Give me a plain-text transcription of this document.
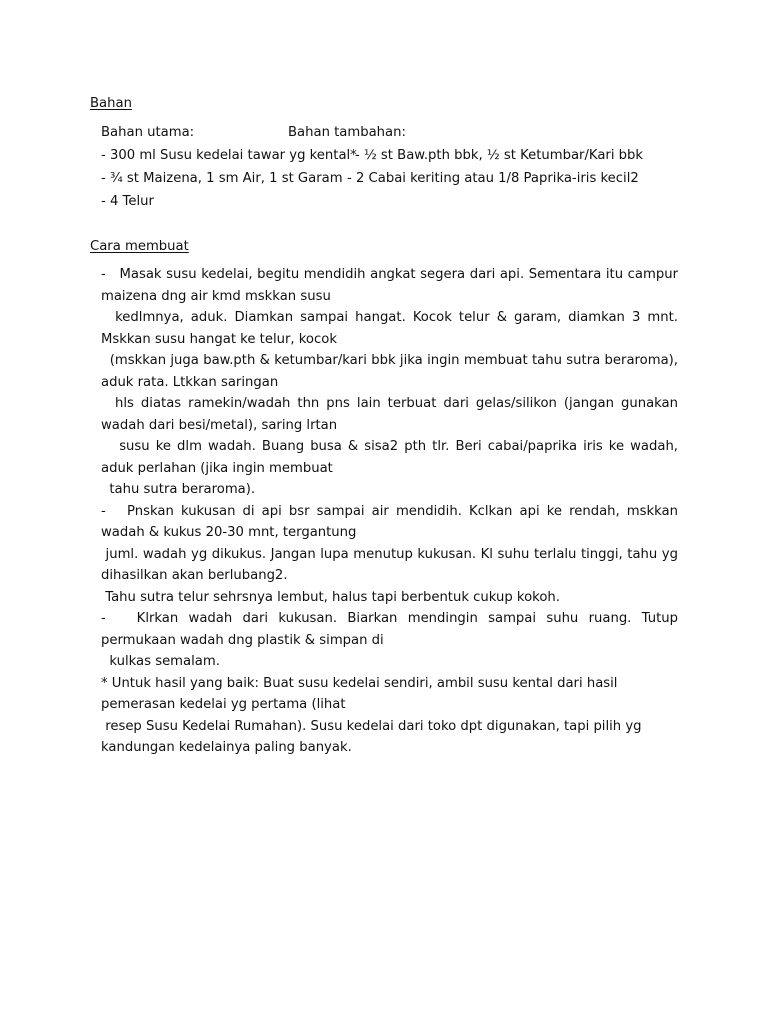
Bahan
Bahan utama:	Bahan tambahan:
- 300 ml Susu kedelai tawar yg kental*
- ½ st Baw.pth bbk, ½ st Ketumbar/Kari bbk
- ¾ st Maizena, 1 sm Air, 1 st Garam - 2 Cabai keriting atau 1/8 Paprika-iris kecil2
- 4 Telur
Cara membuat

-   Masak susu kedelai, begitu mendidih angkat segera dari api. Sementara itu campur maizena dng air kmd mskkan susu

kedlmnya, aduk. Diamkan sampai hangat. Kocok telur & garam, diamkan 3 mnt. Mskkan susu hangat ke telur, kocok

(mskkan juga baw.pth & ketumbar/kari bbk jika ingin membuat tahu sutra beraroma), aduk rata. Ltkkan saringan

hls diatas ramekin/wadah thn pns lain terbuat dari gelas/silikon (jangan gunakan wadah dari besi/metal), saring lrtan

susu ke dlm wadah. Buang busa & sisa2 pth tlr. Beri cabai/paprika iris ke wadah, aduk perlahan (jika ingin membuat

tahu sutra beraroma).

-   Pnskan kukusan di api bsr sampai air mendidih. Kclkan api ke rendah, mskkan wadah & kukus 20-30 mnt, tergantung

juml. wadah yg dikukus. Jangan lupa menutup kukusan. Kl suhu terlalu tinggi, tahu yg dihasilkan akan berlubang2.

Tahu sutra telur sehrsnya lembut, halus tapi berbentuk cukup kokoh.

-   Klrkan wadah dari kukusan. Biarkan mendingin sampai suhu ruang. Tutup permukaan wadah dng plastik & simpan di

kulkas semalam.

* Untuk hasil yang baik: Buat susu kedelai sendiri, ambil susu kental dari hasil pemerasan kedelai yg pertama (lihat

resep Susu Kedelai Rumahan). Susu kedelai dari toko dpt digunakan, tapi pilih yg kandungan kedelainya paling banyak.
